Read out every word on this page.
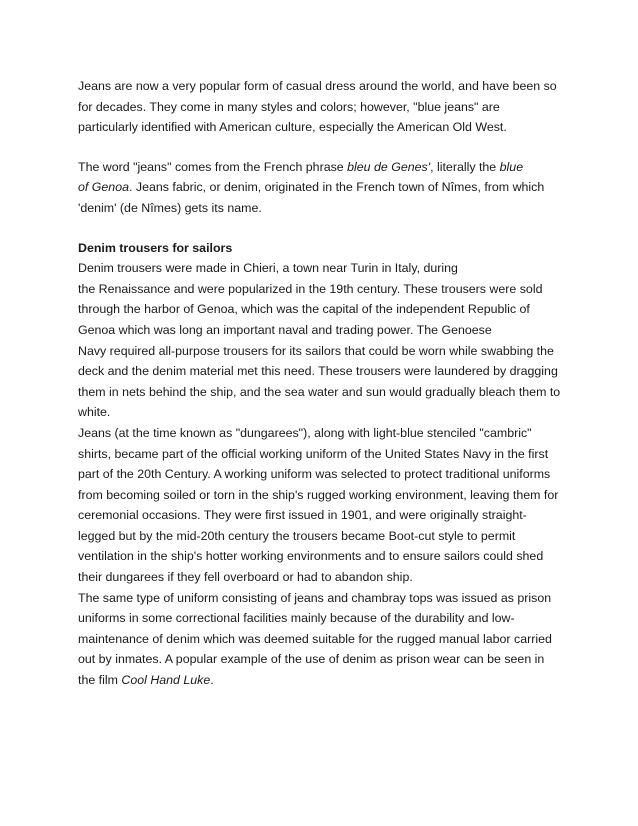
Jeans are now a very popular form of casual dress around the world, and have been so
for decades. They come in many styles and colors; however, "blue jeans" are
particularly identified with American culture, especially the American Old West.
The word "jeans" comes from the French phrase bleu de Genes', literally the blue
of Genoa. Jeans fabric, or denim, originated in the French town of Nîmes, from which
'denim' (de Nîmes) gets its name.
Denim trousers for sailors
Denim trousers were made in Chieri, a town near Turin in Italy, during
the Renaissance and were popularized in the 19th century. These trousers were sold
through the harbor of Genoa, which was the capital of the independent Republic of
Genoa which was long an important naval and trading power. The Genoese
Navy required all-purpose trousers for its sailors that could be worn while swabbing the
deck and the denim material met this need. These trousers were laundered by dragging
them in nets behind the ship, and the sea water and sun would gradually bleach them to
white.
Jeans (at the time known as "dungarees"), along with light-blue stenciled "cambric"
shirts, became part of the official working uniform of the United States Navy in the first
part of the 20th Century. A working uniform was selected to protect traditional uniforms
from becoming soiled or torn in the ship's rugged working environment, leaving them for
ceremonial occasions. They were first issued in 1901, and were originally straight-
legged but by the mid-20th century the trousers became Boot-cut style to permit
ventilation in the ship's hotter working environments and to ensure sailors could shed
their dungarees if they fell overboard or had to abandon ship.
The same type of uniform consisting of jeans and chambray tops was issued as prison
uniforms in some correctional facilities mainly because of the durability and low-
maintenance of denim which was deemed suitable for the rugged manual labor carried
out by inmates. A popular example of the use of denim as prison wear can be seen in
the film Cool Hand Luke.
